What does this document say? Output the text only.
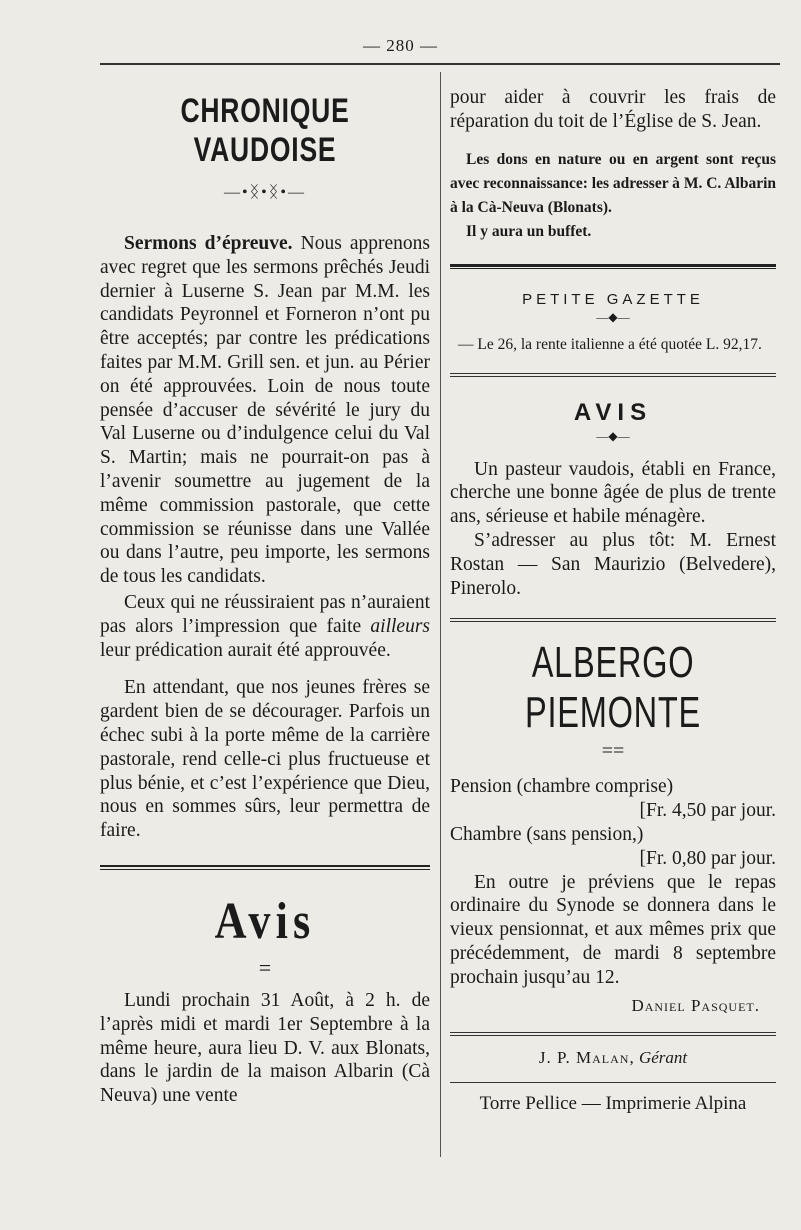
— 280 —
CHRONIQUE VAUDOISE
—•ᛝ•ᛝ•—

Sermons d’épreuve. Nous apprenons avec regret que les sermons prêchés Jeudi dernier à Luserne S. Jean par M.M. les candidats Peyronnel et Forneron n’ont pu être acceptés; par contre les prédications faites par M.M. Grill sen. et jun. au Périer on été approuvées. Loin de nous toute pensée d’accuser de sévérité le jury du Val Luserne ou d’indulgence celui du Val S. Martin; mais ne pourrait-on pas à l’avenir soumettre au jugement de la même commission pastorale, que cette commission se réunisse dans une Vallée ou dans l’autre, peu importe, les sermons de tous les candidats.

Ceux qui ne réussiraient pas n’auraient pas alors l’impression que faite ailleurs leur prédication aurait été approuvée.

En attendant, que nos jeunes frères se gardent bien de se décourager. Parfois un échec subi à la porte même de la carrière pastorale, rend celle-ci plus fructueuse et plus bénie, et c’est l’expérience que Dieu, nous en sommes sûrs, leur permettra de faire.

Avis
=

Lundi prochain 31 Août, à 2 h. de l’après midi et mardi 1er Septembre à la même heure, aura lieu D. V. aux Blonats, dans le jardin de la maison Albarin (Cà Neuva) une vente

pour aider à couvrir les frais de réparation du toit de l’Église de S. Jean.

Les dons en nature ou en argent sont reçus avec reconnaissance: les adresser à M. C. Albarin à la Cà-Neuva (Blonats).

Il y aura un buffet.

PETITE GAZETTE
—◆—

— Le 26, la rente italienne a été quotée L. 92,17.

AVIS
—◆—

Un pasteur vaudois, établi en France, cherche une bonne âgée de plus de trente ans, sérieuse et habile ménagère.

S’adresser au plus tôt: M. Ernest Rostan — San Maurizio (Belvedere), Pinerolo.

ALBERGO PIEMONTE
==
Pension (chambre comprise)
[Fr. 4,50 par jour.
Chambre (sans pension,)
[Fr. 0,80 par jour.

En outre je préviens que le repas ordinaire du Synode se donnera dans le vieux pensionnat, et aux mêmes prix que précédemment, de mardi 8 septembre prochain jusqu’au 12.

Daniel Pasquet.

J. P. Malan, Gérant

Torre Pellice — Imprimerie Alpina
